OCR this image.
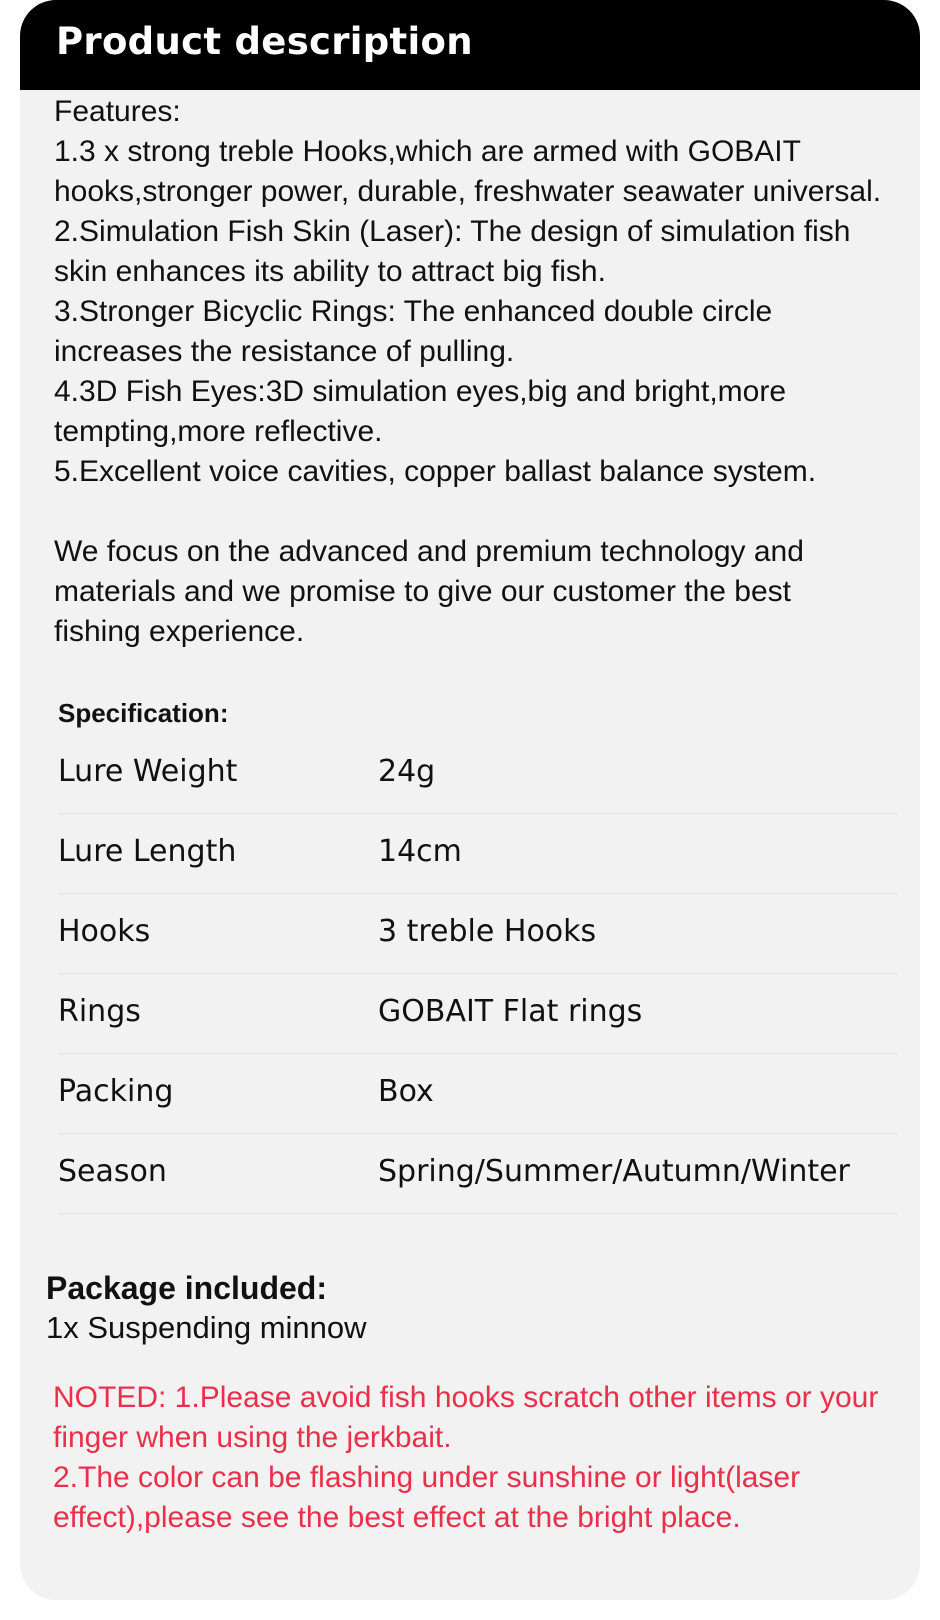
Product description

Features:

1.3 x strong treble Hooks,which are armed with GOBAIT hooks,stronger power, durable, freshwater seawater universal.

2.Simulation Fish Skin (Laser): The design of simulation fish skin enhances its ability to attract big fish.

3.Stronger Bicyclic Rings: The enhanced double circle increases the resistance of pulling.

4.3D Fish Eyes:3D simulation eyes,big and bright,more tempting,more reflective.

5.Excellent voice cavities, copper ballast balance system.

We focus on the advanced and premium technology and materials and we promise to give our customer the best fishing experience.

Specification:
Lure Weight	24g
Lure Length	14cm
Hooks	3 treble Hooks
Rings	GOBAIT Flat rings
Packing	Box
Season	Spring/Summer/Autumn/Winter
Package included:
1x Suspending minnow

NOTED: 1.Please avoid fish hooks scratch other items or your finger when using the jerkbait.

2.The color can be flashing under sunshine or light(laser effect),please see the best effect at the bright place.
